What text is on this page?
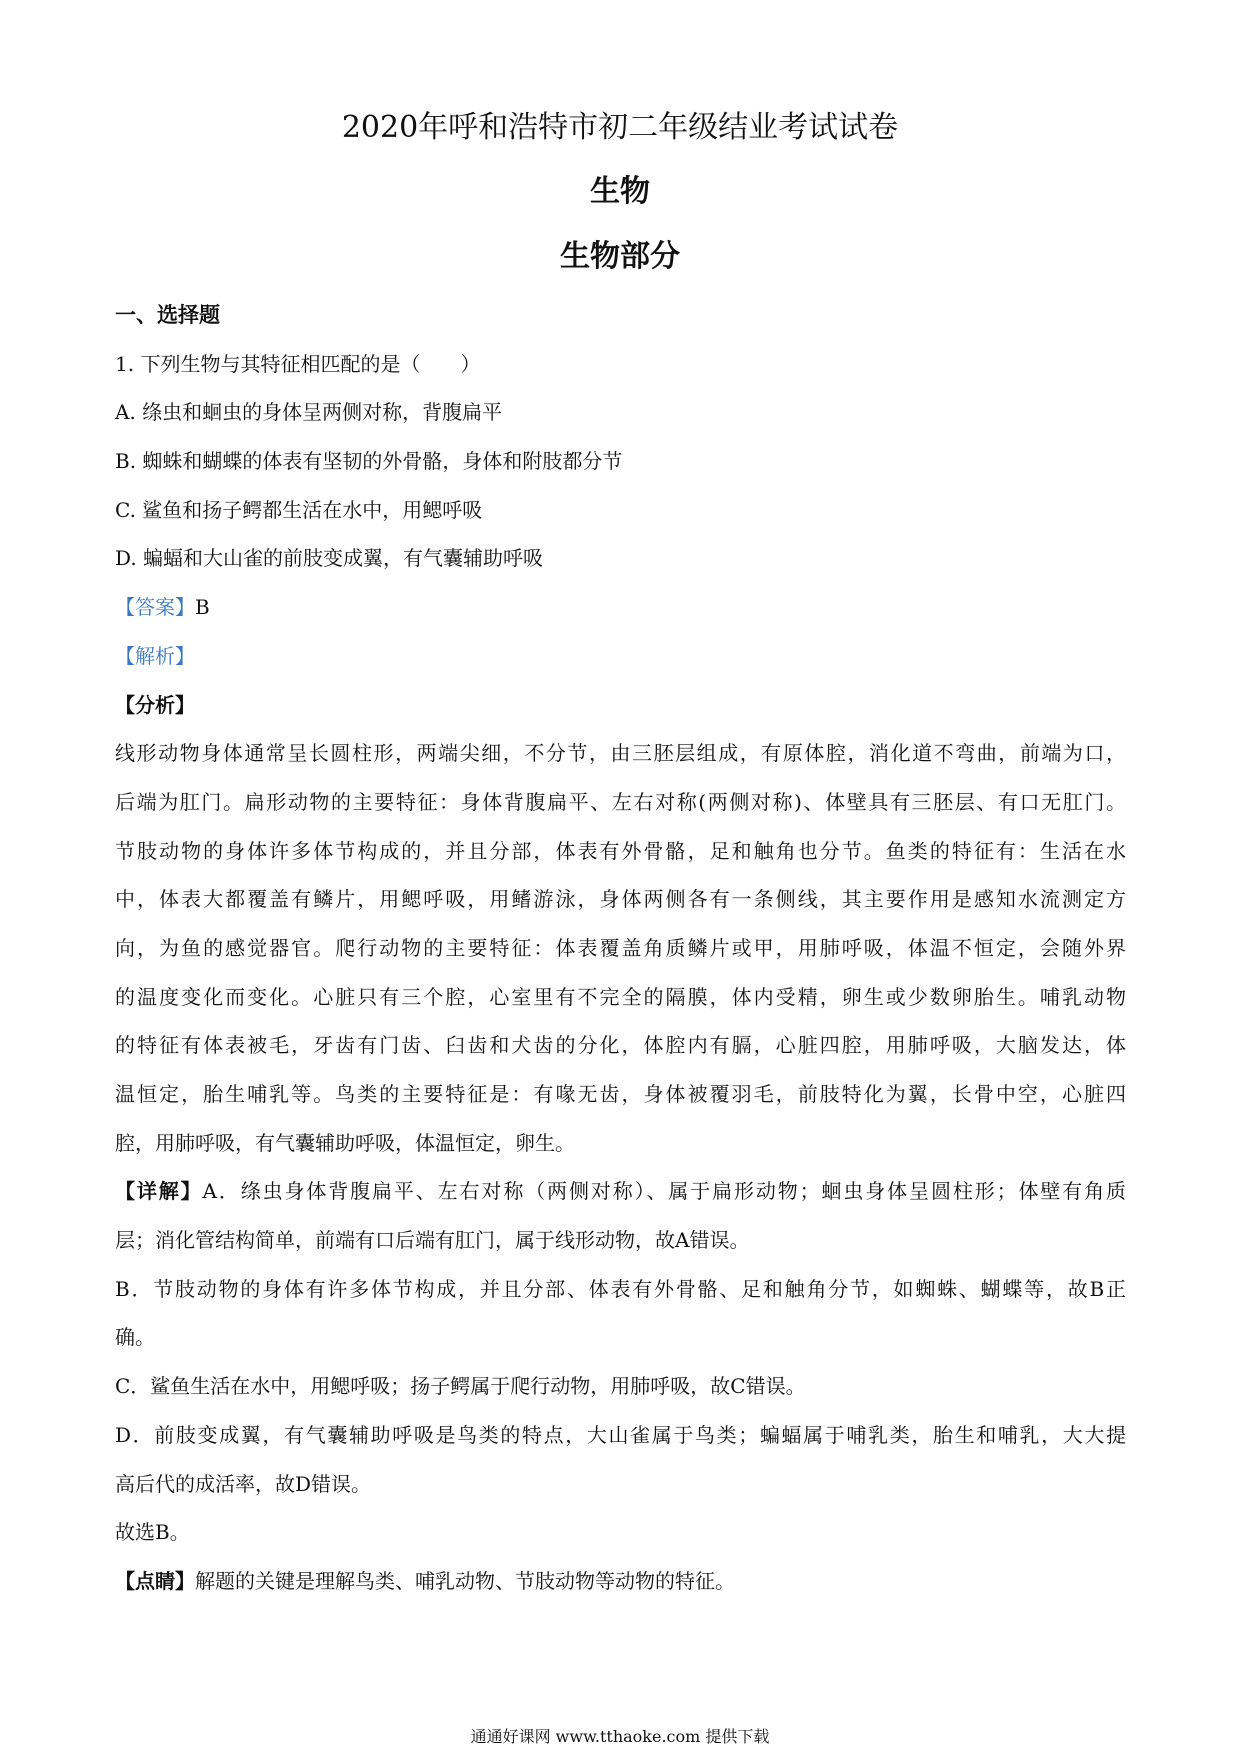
2020年呼和浩特市初二年级结业考试试卷
生物
生物部分
一、选择题
1. 下列生物与其特征相匹配的是（　　）
A. 绦虫和蛔虫的身体呈两侧对称，背腹扁平
B. 蜘蛛和蝴蝶的体表有坚韧的外骨骼，身体和附肢都分节
C. 鲨鱼和扬子鳄都生活在水中，用鳃呼吸
D. 蝙蝠和大山雀的前肢变成翼，有气囊辅助呼吸
【答案】B
【解析】
【分析】
线形动物身体通常呈长圆柱形，两端尖细，不分节，由三胚层组成，有原体腔，消化道不弯曲，前端为口，
后端为肛门。扁形动物的主要特征：身体背腹扁平、左右对称(两侧对称)、体壁具有三胚层、有口无肛门。
节肢动物的身体许多体节构成的，并且分部，体表有外骨骼，足和触角也分节。鱼类的特征有：生活在水
中，体表大都覆盖有鳞片，用鳃呼吸，用鳍游泳，身体两侧各有一条侧线，其主要作用是感知水流测定方
向，为鱼的感觉器官。爬行动物的主要特征：体表覆盖角质鳞片或甲，用肺呼吸，体温不恒定，会随外界
的温度变化而变化。心脏只有三个腔，心室里有不完全的隔膜，体内受精，卵生或少数卵胎生。哺乳动物
的特征有体表被毛，牙齿有门齿、臼齿和犬齿的分化，体腔内有膈，心脏四腔，用肺呼吸，大脑发达，体
温恒定，胎生哺乳等。鸟类的主要特征是：有喙无齿，身体被覆羽毛，前肢特化为翼，长骨中空，心脏四
腔，用肺呼吸，有气囊辅助呼吸，体温恒定，卵生。
【详解】A．绦虫身体背腹扁平、左右对称（两侧对称）、属于扁形动物；蛔虫身体呈圆柱形；体壁有角质
层；消化管结构简单，前端有口后端有肛门，属于线形动物，故A错误。
B．节肢动物的身体有许多体节构成，并且分部、体表有外骨骼、足和触角分节，如蜘蛛、蝴蝶等，故B正
确。
C．鲨鱼生活在水中，用鳃呼吸；扬子鳄属于爬行动物，用肺呼吸，故C错误。
D．前肢变成翼，有气囊辅助呼吸是鸟类的特点，大山雀属于鸟类；蝙蝠属于哺乳类，胎生和哺乳，大大提
高后代的成活率，故D错误。
故选B。
【点睛】解题的关键是理解鸟类、哺乳动物、节肢动物等动物的特征。
通通好课网 www.tthaoke.com 提供下载
